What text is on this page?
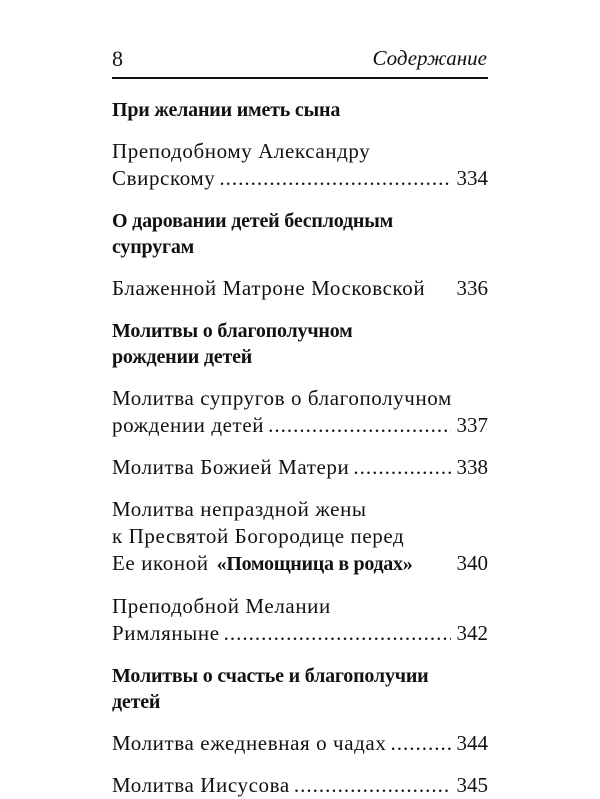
8	Содержание
При желании иметь сына
Преподобному Александру
Свирскому .....	334
О даровании детей бесплодным
супругам
Блаженной Матроне Московской 336
Молитвы о благополучном
рождении детей
Молитва супругов о благополучном
рождении детей .....	337
Молитва Божией Матери .....	338
Молитва непраздной жены
к Пресвятой Богородице перед
Ее иконой «Помощница в родах» 340
Преподобной Мелании
Римляныне .....	342
Молитвы о счастье и благополучии
детей
Молитва ежедневная о чадах .....	344
Молитва Иисусова .....	345
